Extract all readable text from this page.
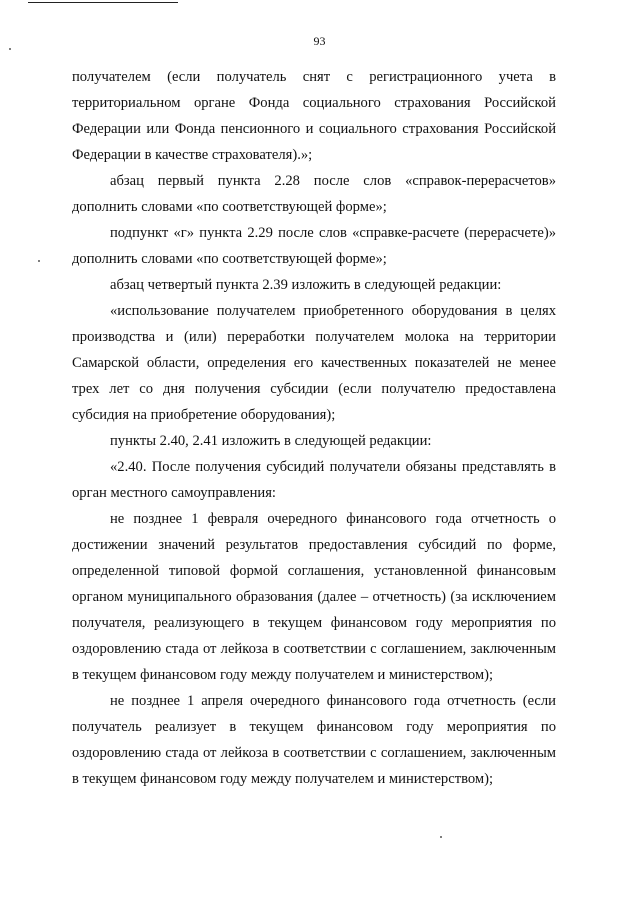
93

получателем (если получатель снят с регистрационного учета в территориальном органе Фонда социального страхования Российской Федерации или Фонда пенсионного и социального страхования Российской Федерации в качестве страхователя).»;

абзац первый пункта 2.28 после слов «справок-перерасчетов» дополнить словами «по соответствующей форме»;

подпункт «г» пункта 2.29 после слов «справке-расчете (перерасчете)» дополнить словами «по соответствующей форме»;

абзац четвертый пункта 2.39 изложить в следующей редакции:

«использование получателем приобретенного оборудования в целях производства и (или) переработки получателем молока на территории Самарской области, определения его качественных показателей не менее трех лет со дня получения субсидии (если получателю предоставлена субсидия на приобретение оборудования);

пункты 2.40, 2.41 изложить в следующей редакции:

«2.40. После получения субсидий получатели обязаны представлять в орган местного самоуправления:

не позднее 1 февраля очередного финансового года отчетность о достижении значений результатов предоставления субсидий по форме, определенной типовой формой соглашения, установленной финансовым органом муниципального образования (далее – отчетность) (за исключением получателя, реализующего в текущем финансовом году мероприятия по оздоровлению стада от лейкоза в соответствии с соглашением, заключенным в текущем финансовом году между получателем и министерством);

не позднее 1 апреля очередного финансового года отчетность (если получатель реализует в текущем финансовом году мероприятия по оздоровлению стада от лейкоза в соответствии с соглашением, заключенным в текущем финансовом году между получателем и министерством);
